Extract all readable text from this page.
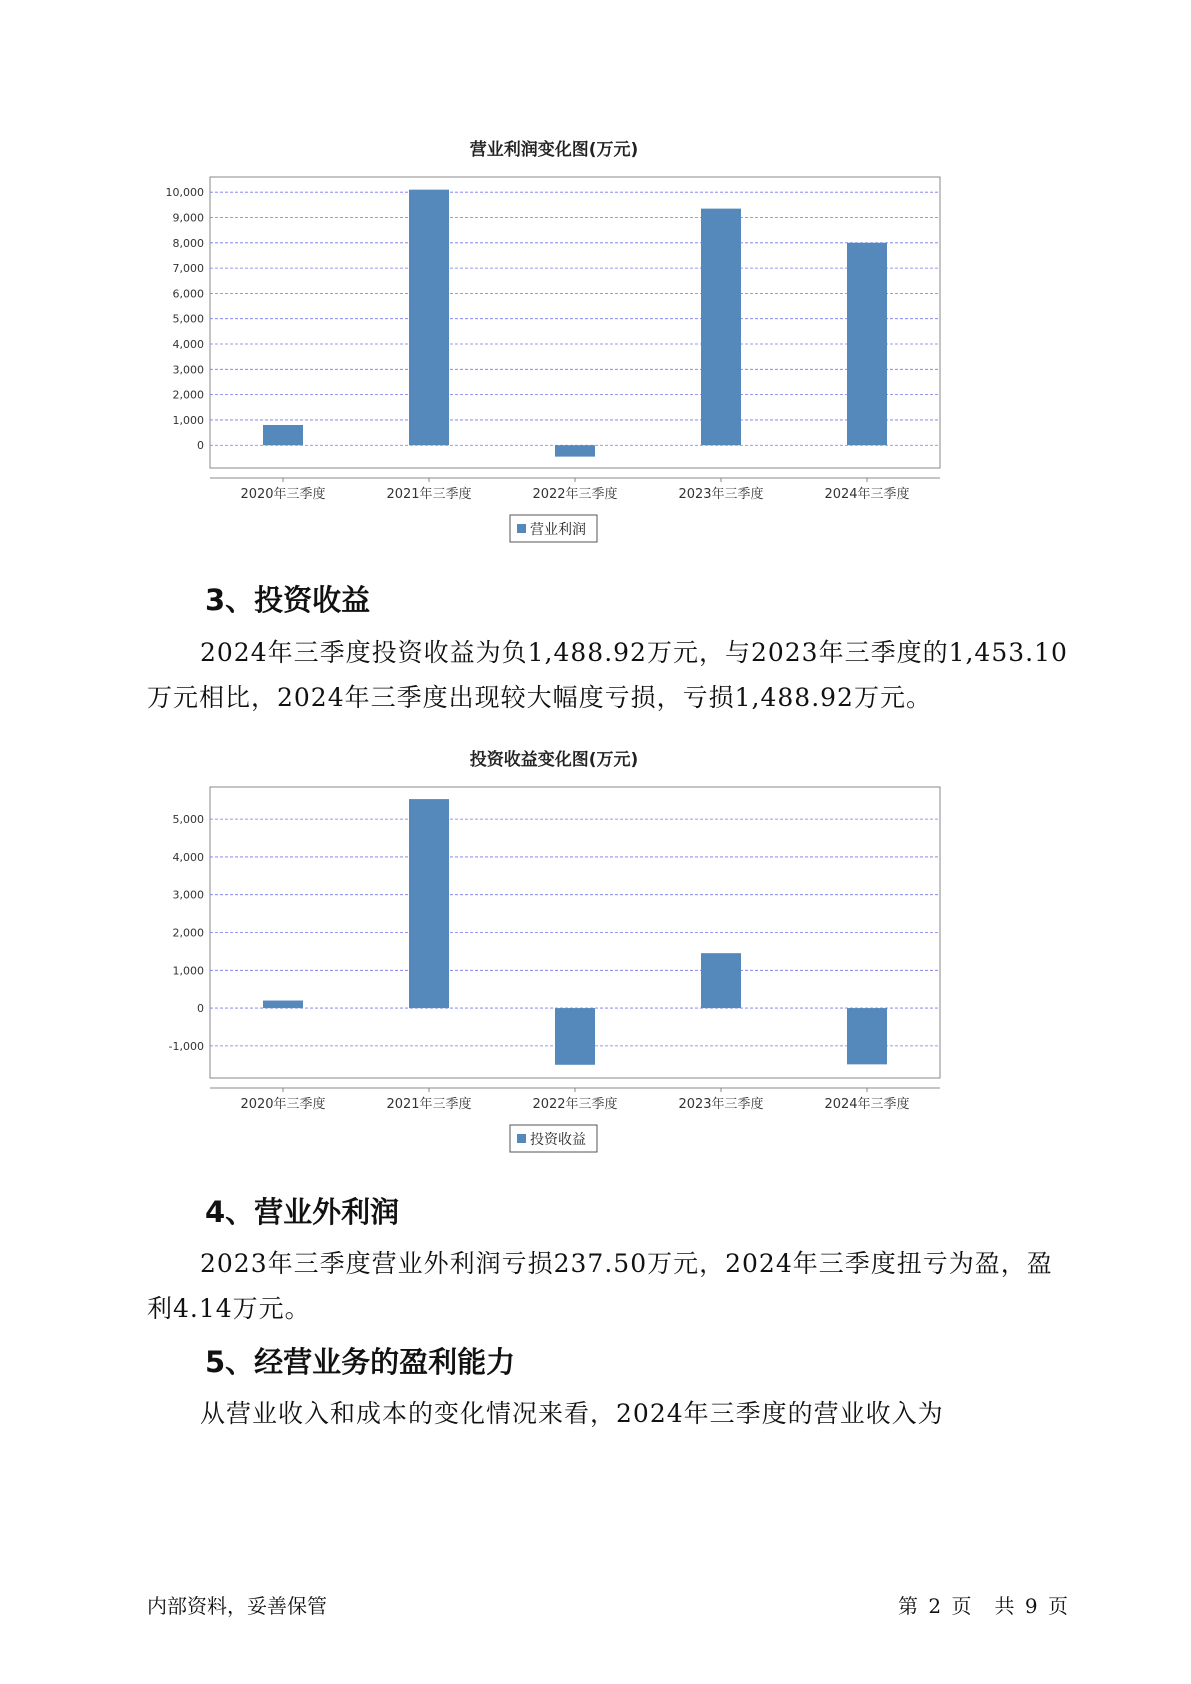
营业利润变化图(万元)
10,000
9,000
8,000
7,000
6,000
5,000
4,000
3,000
2,000
1,000
0
2020年三季度	2021年三季度	2022年三季度	2023年三季度	2024年三季度
营业利润
3、投资收益

2024年三季度投资收益为负1,488.92万元，与2023年三季度的1,453.10万元相比，2024年三季度出现较大幅度亏损，亏损1,488.92万元。

投资收益变化图(万元)
5,000
4,000
3,000
2,000
1,000
0
-1,000
2020年三季度	2021年三季度	2022年三季度	2023年三季度	2024年三季度
投资收益
4、营业外利润

2023年三季度营业外利润亏损237.50万元，2024年三季度扭亏为盈，盈利4.14万元。

5、经营业务的盈利能力

从营业收入和成本的变化情况来看，2024年三季度的营业收入为

内部资料，妥善保管	第 2 页 共 9 页
